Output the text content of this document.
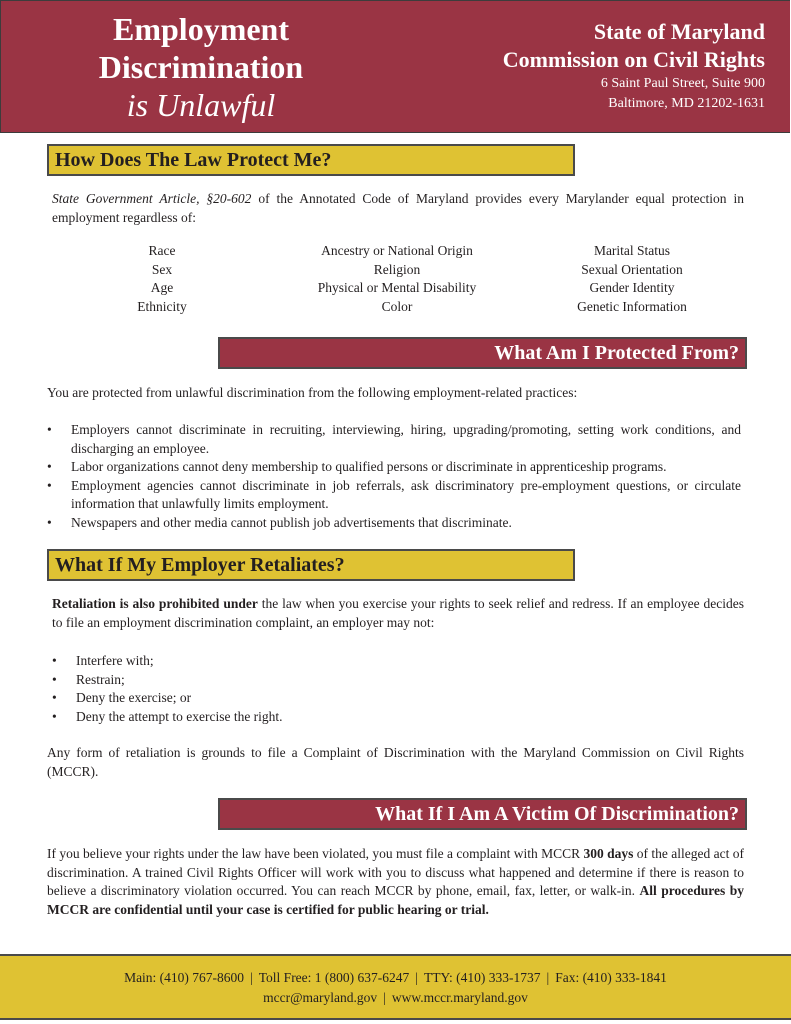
Employment
Discrimination
is Unlawful
State of Maryland
Commission on Civil Rights
6 Saint Paul Street, Suite 900
Baltimore, MD 21202-1631
How Does The Law Protect Me?
State Government Article, §20-602 of the Annotated Code of Maryland provides every Marylander equal protection in employment regardless of:
Race	Ancestry or National Origin	Marital Status
Sex	Religion	Sexual Orientation
Age	Physical or Mental Disability	Gender Identity
Ethnicity	Color	Genetic Information
What Am I Protected From?
You are protected from unlawful discrimination from the following employment-related practices:
• Employers cannot discriminate in recruiting, interviewing, hiring, upgrading/promoting, setting work conditions, and discharging an employee.
• Labor organizations cannot deny membership to qualified persons or discriminate in apprenticeship programs.
• Employment agencies cannot discriminate in job referrals, ask discriminatory pre-employment questions, or circulate information that unlawfully limits employment.
• Newspapers and other media cannot publish job advertisements that discriminate.
What If My Employer Retaliates?
Retaliation is also prohibited under the law when you exercise your rights to seek relief and redress. If an employee decides to file an employment discrimination complaint, an employer may not:
• Interfere with;
• Restrain;
• Deny the exercise; or
• Deny the attempt to exercise the right.
Any form of retaliation is grounds to file a Complaint of Discrimination with the Maryland Commission on Civil Rights (MCCR).
What If I Am A Victim Of Discrimination?
If you believe your rights under the law have been violated, you must file a complaint with MCCR 300 days of the alleged act of discrimination. A trained Civil Rights Officer will work with you to discuss what happened and determine if there is reason to believe a discriminatory violation occurred. You can reach MCCR by phone, email, fax, letter, or walk-in. All procedures by MCCR are confidential until your case is certified for public hearing or trial.
Main: (410) 767-8600 | Toll Free: 1 (800) 637-6247 | TTY: (410) 333-1737 | Fax: (410) 333-1841
mccr@maryland.gov | www.mccr.maryland.gov
